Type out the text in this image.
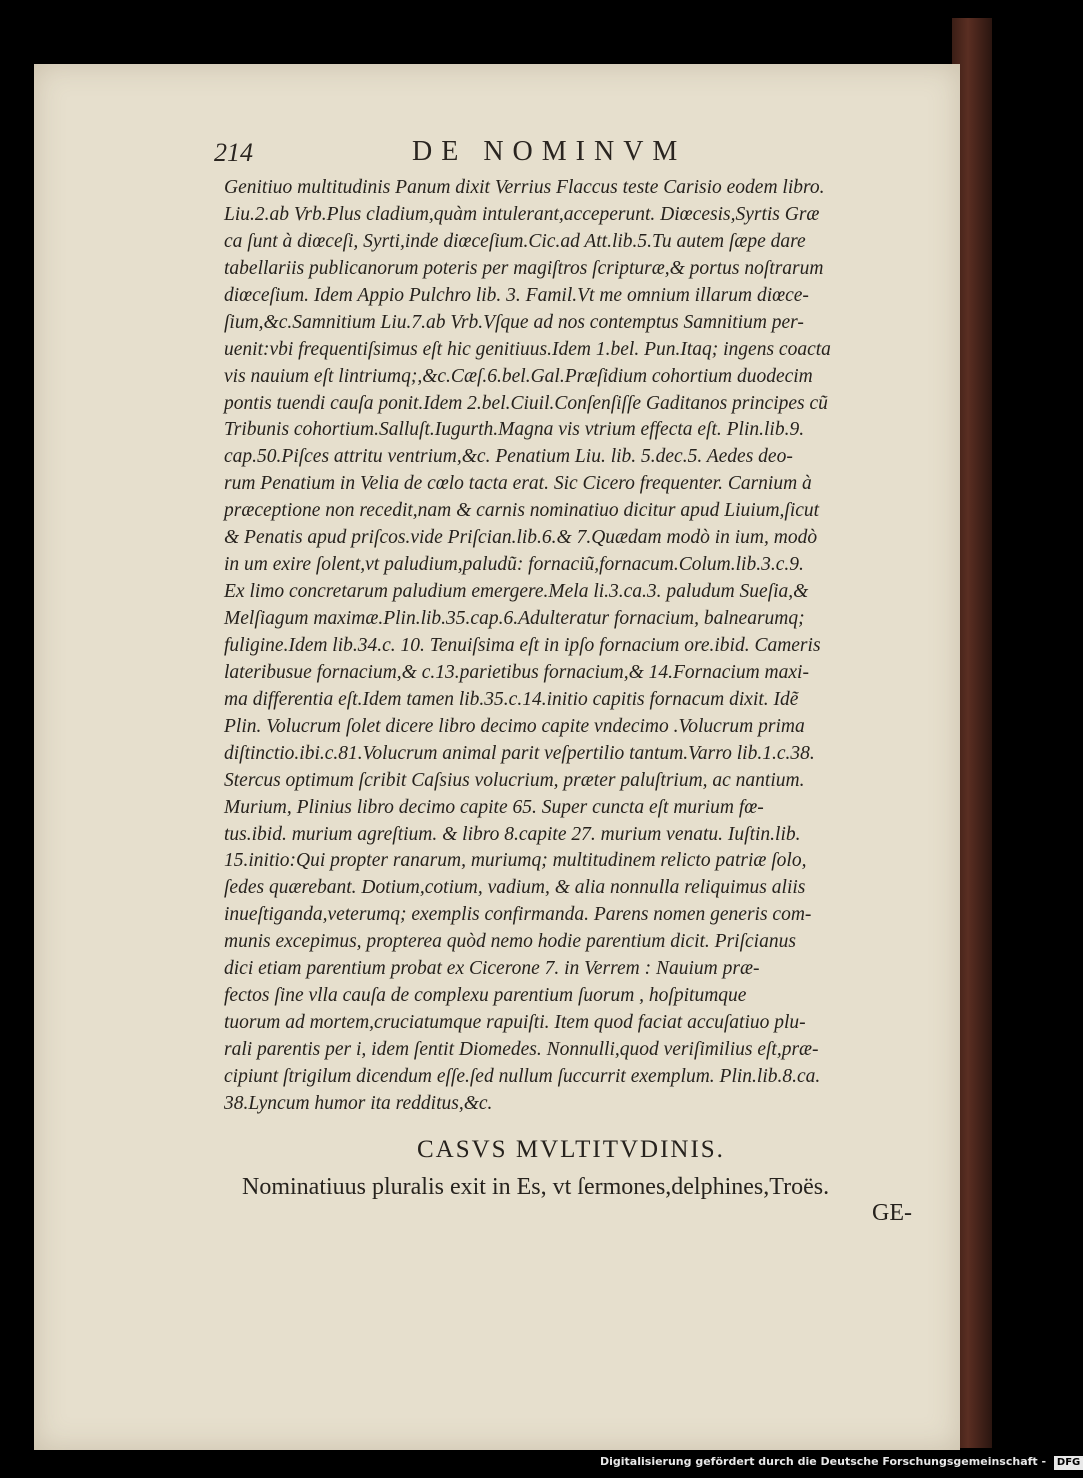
214	DE NOMINVM
Genitiuo multitudinis Panum dixit Verrius Flaccus teste Carisio eodem libro.
Liu.2.ab Vrb.Plus cladium,quàm intulerant,acceperunt. Diœcesis,Syrtis Græ
ca ſunt à diœceſi, Syrti,inde diœceſium.Cic.ad Att.lib.5.Tu autem ſæpe dare
tabellariis publicanorum poteris per magiſtros ſcripturæ,& portus noſtrarum
diœceſium. Idem Appio Pulchro lib. 3. Famil.Vt me omnium illarum diœce-
ſium,&c.Samnitium Liu.7.ab Vrb.Vſque ad nos contemptus Samnitium per-
uenit:vbi frequentiſsimus eſt hic genitiuus.Idem 1.bel. Pun.Itaq; ingens coacta
vis nauium eſt lintriumq;,&c.Cæſ.6.bel.Gal.Præſidium cohortium duodecim
pontis tuendi cauſa ponit.Idem 2.bel.Ciuil.Conſenſiſſe Gaditanos principes cũ
Tribunis cohortium.Salluſt.Iugurth.Magna vis vtrium effecta eſt. Plin.lib.9.
cap.50.Piſces attritu ventrium,&c. Penatium Liu. lib. 5.dec.5. Aedes deo-
rum Penatium in Velia de cœlo tacta erat. Sic Cicero frequenter. Carnium à
præceptione non recedit,nam & carnis nominatiuo dicitur apud Liuium,ſicut
& Penatis apud priſcos.vide Priſcian.lib.6.& 7.Quædam modò in ium, modò
in um exire ſolent,vt paludium,paludũ: fornaciũ,fornacum.Colum.lib.3.c.9.
Ex limo concretarum paludium emergere.Mela li.3.ca.3. paludum Sueſia,&
Melſiagum maximæ.Plin.lib.35.cap.6.Adulteratur fornacium, balnearumq;
fuligine.Idem lib.34.c. 10. Tenuiſsima eſt in ipſo fornacium ore.ibid. Cameris
lateribusue fornacium,& c.13.parietibus fornacium,& 14.Fornacium maxi-
ma differentia eſt.Idem tamen lib.35.c.14.initio capitis fornacum dixit. Idẽ
Plin. Volucrum ſolet dicere libro decimo capite vndecimo .Volucrum prima
diſtinctio.ibi.c.81.Volucrum animal parit veſpertilio tantum.Varro lib.1.c.38.
Stercus optimum ſcribit Caſsius volucrium, præter paluſtrium, ac nantium.
Murium, Plinius libro decimo capite 65. Super cuncta eſt murium fœ-
tus.ibid. murium agreſtium. & libro 8.capite 27. murium venatu. Iuſtin.lib.
15.initio:Qui propter ranarum, muriumq; multitudinem relicto patriæ ſolo,
ſedes quærebant. Dotium,cotium, vadium, & alia nonnulla reliquimus aliis
inueſtiganda,veterumq; exemplis confirmanda. Parens nomen generis com-
munis excepimus, propterea quòd nemo hodie parentium dicit. Priſcianus
dici etiam parentium probat ex Cicerone 7. in Verrem : Nauium præ-
fectos ſine vlla cauſa de complexu parentium ſuorum , hoſpitumque
tuorum ad mortem,cruciatumque rapuiſti. Item quod faciat accuſatiuo plu-
rali parentis per i, idem ſentit Diomedes. Nonnulli,quod veriſimilius eſt,præ-
cipiunt ſtrigilum dicendum eſſe.ſed nullum ſuccurrit exemplum. Plin.lib.8.ca.
38.Lyncum humor ita redditus,&c.
CASVS MVLTITVDINIS.
Nominatiuus pluralis exit in Es, vt ſermones,delphines,Troës.
GE-
Digitalisierung gefördert durch die Deutsche Forschungsgemeinschaft - DFG
